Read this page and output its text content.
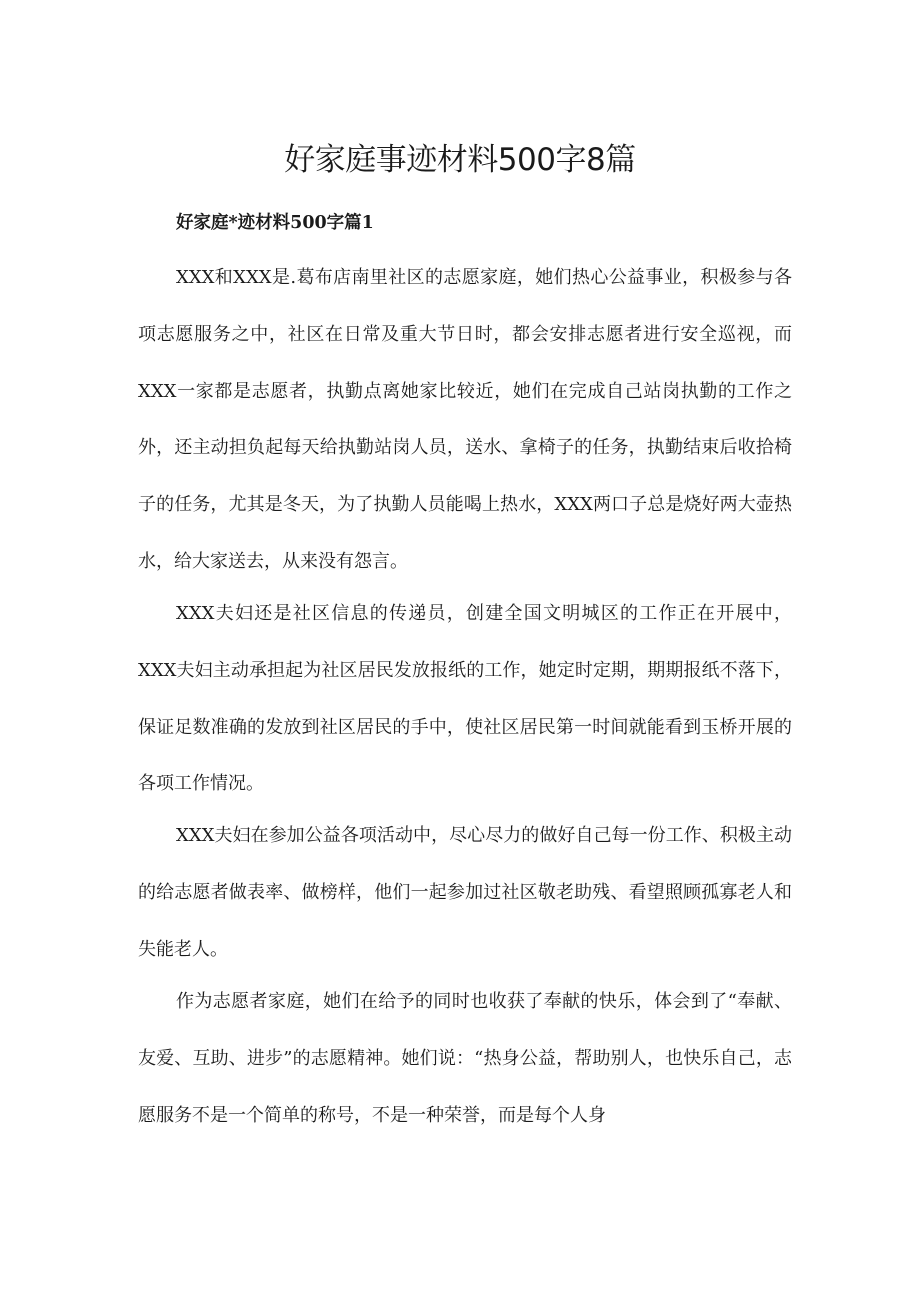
好家庭事迹材料500字8篇

好家庭*迹材料500字篇1

XXX和XXX是.葛布店南里社区的志愿家庭，她们热心公益事业，积极参与各项志愿服务之中，社区在日常及重大节日时，都会安排志愿者进行安全巡视，而XXX一家都是志愿者，执勤点离她家比较近，她们在完成自己站岗执勤的工作之外，还主动担负起每天给执勤站岗人员，送水、拿椅子的任务，执勤结束后收拾椅子的任务，尤其是冬天，为了执勤人员能喝上热水，XXX两口子总是烧好两大壶热水，给大家送去，从来没有怨言。

XXX夫妇还是社区信息的传递员，创建全国文明城区的工作正在开展中，XXX夫妇主动承担起为社区居民发放报纸的工作，她定时定期，期期报纸不落下，保证足数准确的发放到社区居民的手中，使社区居民第一时间就能看到玉桥开展的各项工作情况。

XXX夫妇在参加公益各项活动中，尽心尽力的做好自己每一份工作、积极主动的给志愿者做表率、做榜样，他们一起参加过社区敬老助残、看望照顾孤寡老人和失能老人。

作为志愿者家庭，她们在给予的同时也收获了奉献的快乐，体会到了“奉献、友爱、互助、进步”的志愿精神。她们说：“热身公益，帮助别人，也快乐自己，志愿服务不是一个简单的称号，不是一种荣誉，而是每个人身
